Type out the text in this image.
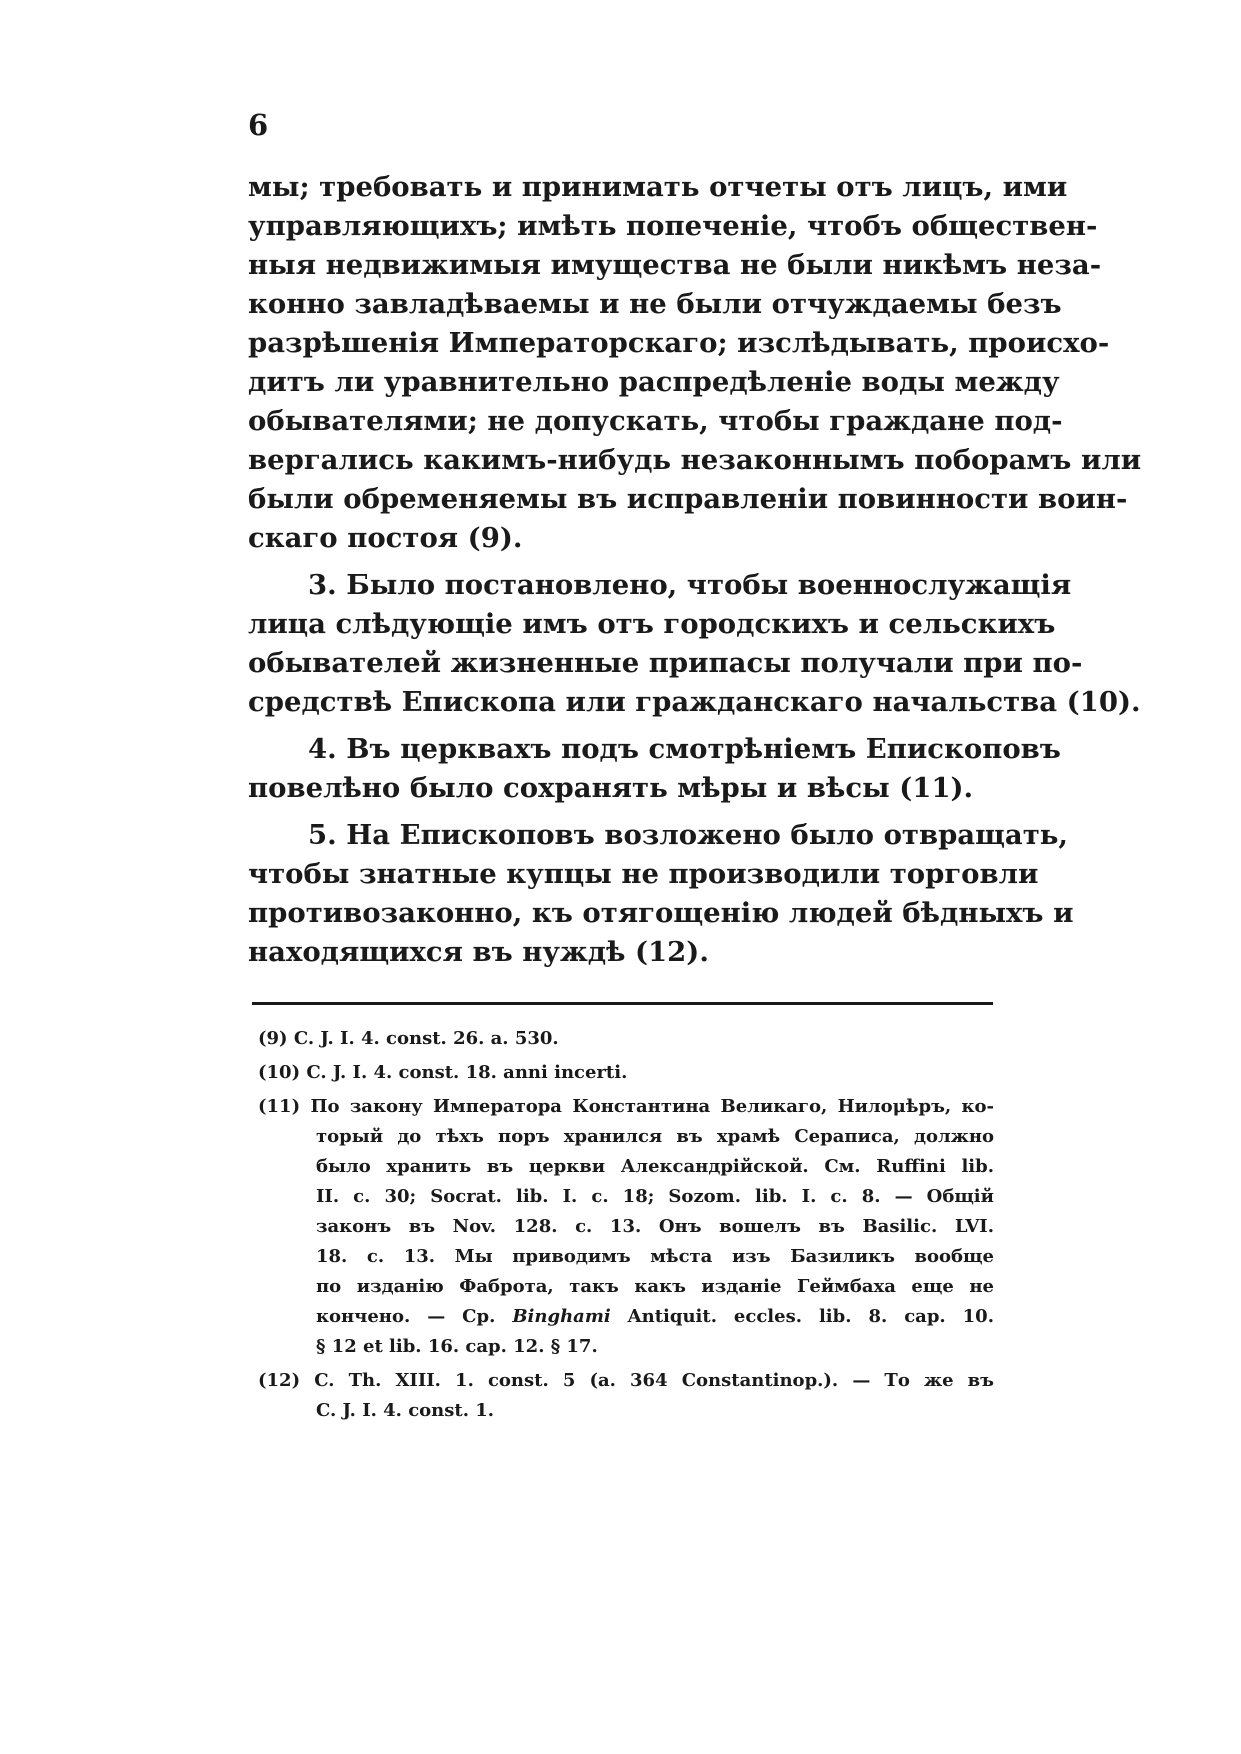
6
мы; требовать и принимать отчеты отъ лицъ, ими
управляющихъ; имѣть попеченіе, чтобъ обществен-
ныя недвижимыя имущества не были никѣмъ неза-
конно завладѣваемы и не были отчуждаемы безъ
разрѣшенія Императорскаго; изслѣдывать, происхо-
дитъ ли уравнительно распредѣленіе воды между
обывателями; не допускать, чтобы граждане под-
вергались какимъ-нибудь незаконнымъ поборамъ или
были обременяемы въ исправленіи повинности воин-
скаго постоя (9).
3. Было постановлено, чтобы военнослужащія
лица слѣдующіе имъ отъ городскихъ и сельскихъ
обывателей жизненные припасы получали при по-
средствѣ Епископа или гражданскаго начальства (10).
4. Въ церквахъ подъ смотрѣніемъ Епископовъ
повелѣно было сохранять мѣры и вѣсы (11).
5. На Епископовъ возложено было отвращать,
чтобы знатные купцы не производили торговли
противозаконно, къ отягощенію людей бѣдныхъ и
находящихся въ нуждѣ (12).
(9) C. J. I. 4. const. 26. a. 530.
(10) C. J. I. 4. const. 18. anni incerti.
(11) По закону Императора Константина Великаго, Нилομѣръ, ко-
торый до тѣхъ поръ хранился въ храмѣ Сераписа, должно
было хранить въ церкви Александрійской. См. Ruffini lib.
II. c. 30; Socrat. lib. I. c. 18; Sozom. lib. I. c. 8. — Общій
законъ въ Nov. 128. c. 13. Онъ вошелъ въ Basilic. LVI.
18. c. 13. Мы приводимъ мѣста изъ Базиликъ вообще
по изданію Фаброта, такъ какъ изданіе Геймбаха еще не
кончено. — Ср. Binghami Antiquit. eccles. lib. 8. cap. 10.
§ 12 et lib. 16. cap. 12. § 17.
(12) C. Th. XIII. 1. const. 5 (a. 364 Constantinop.). — То же въ
C. J. I. 4. const. 1.
